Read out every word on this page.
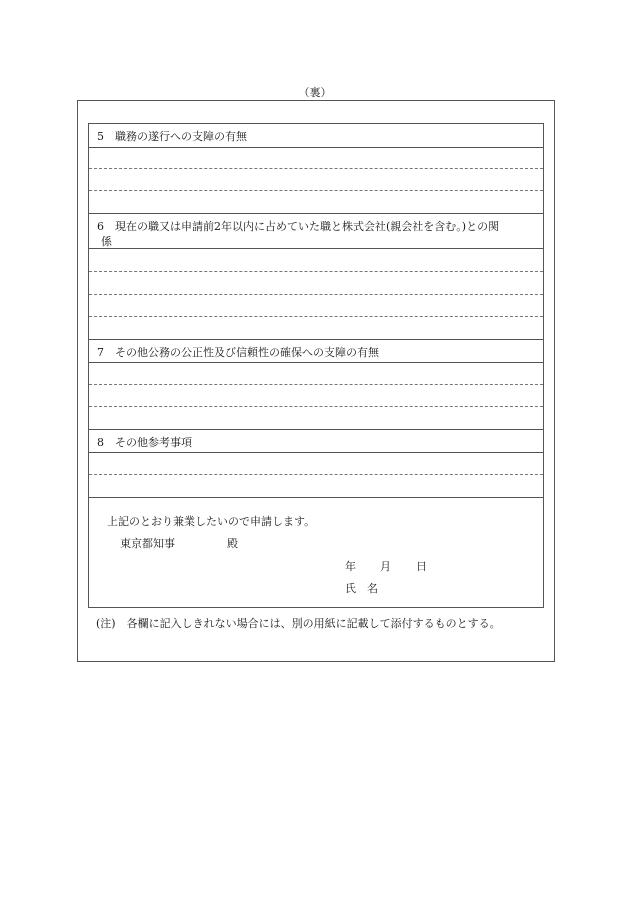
（裏）
5　 職務の遂行への支障の有無
6　 現在の職又は申請前2年以内に占めていた職と株式会社(親会社を含む。)との関
係
7　 その他公務の公正性及び信頼性の確保への支障の有無
8　 その他参考事項
上記のとおり兼業したいので申請します。
東京都知事	殿
年 月 日
氏　名
(注)　各欄に記入しきれない場合には、別の用紙に記載して添付するものとする。
